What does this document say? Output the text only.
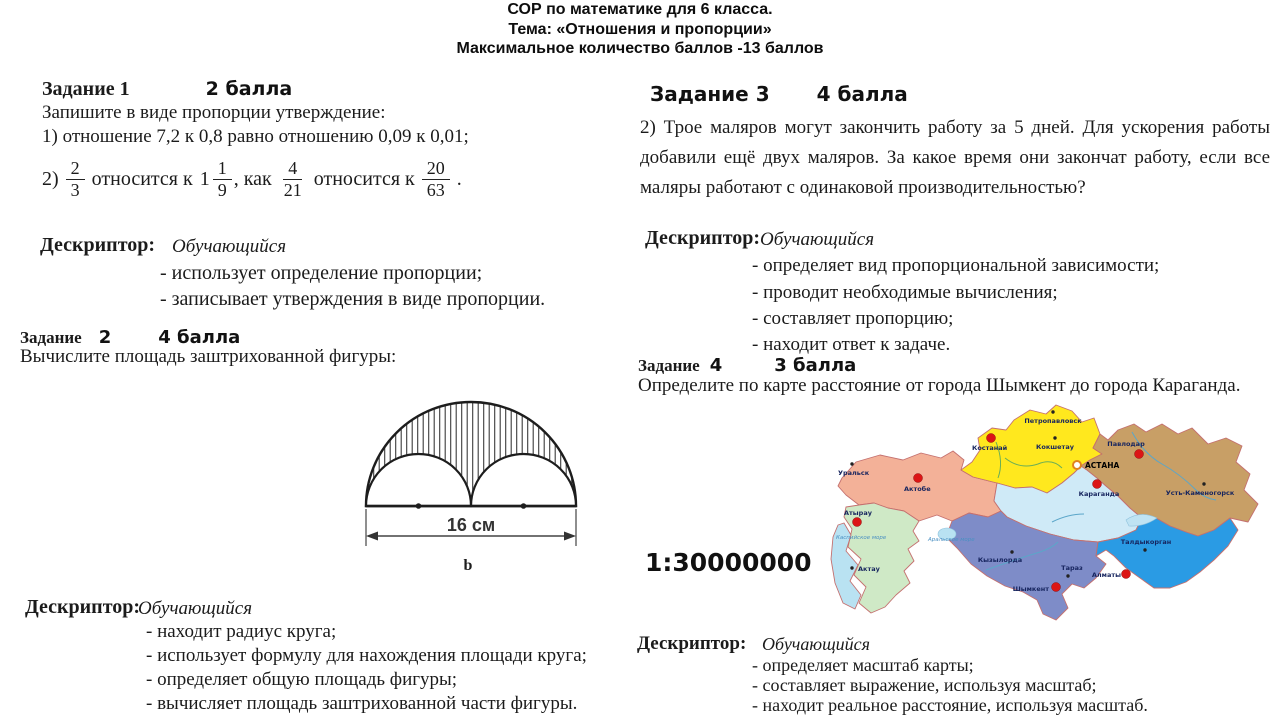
СОР по математике для 6 класса.
Тема: «Отношения и пропорции»
Максимальное количество баллов -13 баллов
Задание 1	2 балла
Запишите в виде пропорции утверждение:
1) отношение 7,2 к 0,8 равно отношению 0,09 к 0,01;
$2) \frac{2}{3}$ относится к $1 \frac{1}{9}$ , как $\frac{4}{21}$ относится к $\frac{20}{63}$ .
Дескриптор: Обучающийся
- использует определение пропорции;
- записывает утверждения в виде пропорции.
Задание 2	4 балла
Вычислите площадь заштрихованной фигуры:
16 см
b
Дескриптор:
Обучающийся
- находит радиус круга;
- использует формулу для нахождения площади круга;
- определяет общую площадь фигуры;
- вычисляет площадь заштрихованной части фигуры.
Задание 3 4 балла
2) Трое маляров могут закончить работу за 5 дней. Для ускорения работы добавили ещё двух маляров. За какое время они закончат работу, если все маляры работают с одинаковой производительностью?
Дескриптор: Обучающийся
- определяет вид пропорциональной зависимости;
- проводит необходимые вычисления;
- составляет пропорцию;
- находит ответ к задаче.
Задание 4	3 балла
Определите по карте расстояние от города Шымкент до города Караганда.
1:30000000
Уральск
Актобе
Атырау
Актау
Костанай
Петропавловск
Кокшетау	Павлодар
Усть-Каменогорск
Караганда
Кызылорда
Тараз
Шымкент
Алматы
Талдыкорган
АСТАНА
Каспийское море	Аральское море
Дескриптор: Обучающийся
- определяет масштаб карты;
- составляет выражение, используя масштаб;
- находит реальное расстояние, используя масштаб.
